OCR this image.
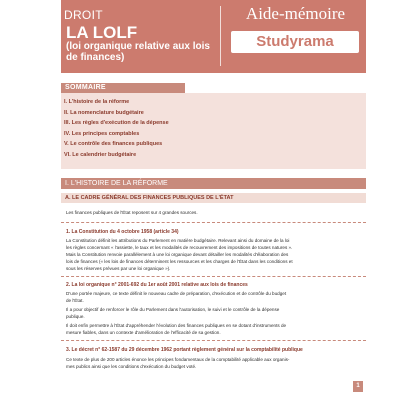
DROIT
LA LOLF
(loi organique relative aux lois de finances)
Aide-mémoire
Studyrama
SOMMAIRE
I. L'histoire de la réforme
II. La nomenclature budgétaire
III. Les règles d'exécution de la dépense
IV. Les principes comptables
V. Le contrôle des finances publiques
VI. Le calendrier budgétaire
I. L'HISTOIRE DE LA RÉFORME
A. LE CADRE GÉNÉRAL DES FINANCES PUBLIQUES DE L'ÉTAT
Les finances publiques de l'État reposent sur 4 grandes sources.
1. La Constitution du 4 octobre 1958 (article 34)
La Constitution définit les attributions du Parlement en matière budgétaire. Relevant ainsi du domaine de la loi
les règles concernant « l'assiette, le taux et les modalités de recouvrement des impositions de toutes natures ».
Mais la Constitution renvoie parallèlement à une loi organique devant détailler les modalités d'élaboration des
lois de finances (« les lois de finances déterminent les ressources et les charges de l'État dans les conditions et
sous les réserves prévues par une loi organique »).
2. La loi organique n° 2001-692 du 1er août 2001 relative aux lois de finances
D'une portée majeure, ce texte définit le nouveau cadre de préparation, d'exécution et de contrôle du budget
de l'État.
Il a pour objectif de renforcer le rôle du Parlement dans l'autorisation, le suivi et le contrôle de la dépense
publique.
Il doit enfin permettre à l'État d'appréhender l'évolution des finances publiques en se dotant d'instruments de
mesure fiables, dans un contexte d'amélioration de l'efficacité de sa gestion.
3. Le décret n° 62-1587 du 29 décembre 1962 portant règlement général sur la comptabilité publique
Ce texte de plus de 200 articles énonce les principes fondamentaux de la comptabilité applicable aux organis-
mes publics ainsi que les conditions d'exécution du budget voté.
1
